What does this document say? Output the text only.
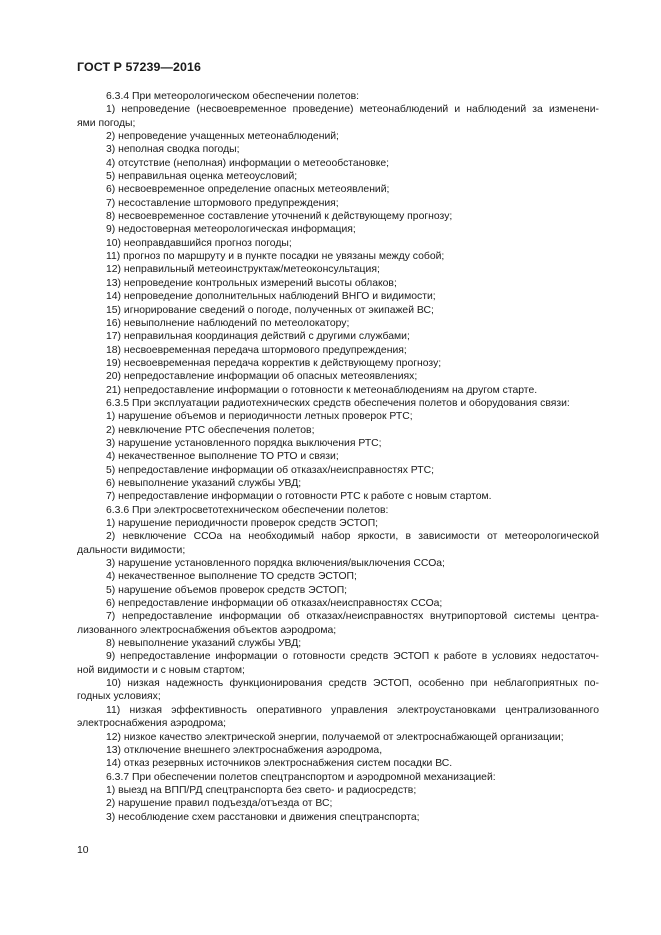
ГОСТ Р 57239—2016
6.3.4 При метеорологическом обеспечении полетов:
1) непроведение (несвоевременное проведение) метеонаблюдений и наблюдений за изменени-
ями погоды;
2) непроведение учащенных метеонаблюдений;
3) неполная сводка погоды;
4) отсутствие (неполная) информации о метеообстановке;
5) неправильная оценка метеоусловий;
6) несвоевременное определение опасных метеоявлений;
7) несоставление штормового предупреждения;
8) несвоевременное составление уточнений к действующему прогнозу;
9) недостоверная метеорологическая информация;
10) неоправдавшийся прогноз погоды;
11) прогноз по маршруту и в пункте посадки не увязаны между собой;
12) неправильный метеоинструктаж/метеоконсультация;
13) непроведение контрольных измерений высоты облаков;
14) непроведение дополнительных наблюдений ВНГО и видимости;
15) игнорирование сведений о погоде, полученных от экипажей ВС;
16) невыполнение наблюдений по метеолокатору;
17) неправильная координация действий с другими службами;
18) несвоевременная передача штормового предупреждения;
19) несвоевременная передача корректив к действующему прогнозу;
20) непредоставление информации об опасных метеоявлениях;
21) непредоставление информации о готовности к метеонаблюдениям на другом старте.
6.3.5 При эксплуатации радиотехнических средств обеспечения полетов и оборудования связи:
1) нарушение объемов и периодичности летных проверок РТС;
2) невключение РТС обеспечения полетов;
3) нарушение установленного порядка выключения РТС;
4) некачественное выполнение ТО РТО и связи;
5) непредоставление информации об отказах/неисправностях РТС;
6) невыполнение указаний службы УВД;
7) непредоставление информации о готовности РТС к работе с новым стартом.
6.3.6 При электросветотехническом обеспечении полетов:
1) нарушение периодичности проверок средств ЭСТОП;
2) невключение ССОа на необходимый набор яркости, в зависимости от метеорологической
дальности видимости;
3) нарушение установленного порядка включения/выключения ССОа;
4) некачественное выполнение ТО средств ЭСТОП;
5) нарушение объемов проверок средств ЭСТОП;
6) непредоставление информации об отказах/неисправностях ССОа;
7) непредоставление информации об отказах/неисправностях внутрипортовой системы центра-
лизованного электроснабжения объектов аэродрома;
8) невыполнение указаний службы УВД;
9) непредоставление информации о готовности средств ЭСТОП к работе в условиях недостаточ-
ной видимости и с новым стартом;
10) низкая надежность функционирования средств ЭСТОП, особенно при неблагоприятных по-
годных условиях;
11) низкая эффективность оперативного управления электроустановками централизованного
электроснабжения аэродрома;
12) низкое качество электрической энергии, получаемой от электроснабжающей организации;
13) отключение внешнего электроснабжения аэродрома,
14) отказ резервных источников электроснабжения систем посадки ВС.
6.3.7 При обеспечении полетов спецтранспортом и аэродромной механизацией:
1) выезд на ВПП/РД спецтранспорта без свето- и радиосредств;
2) нарушение правил подъезда/отъезда от ВС;
3) несоблюдение схем расстановки и движения спецтранспорта;
10
